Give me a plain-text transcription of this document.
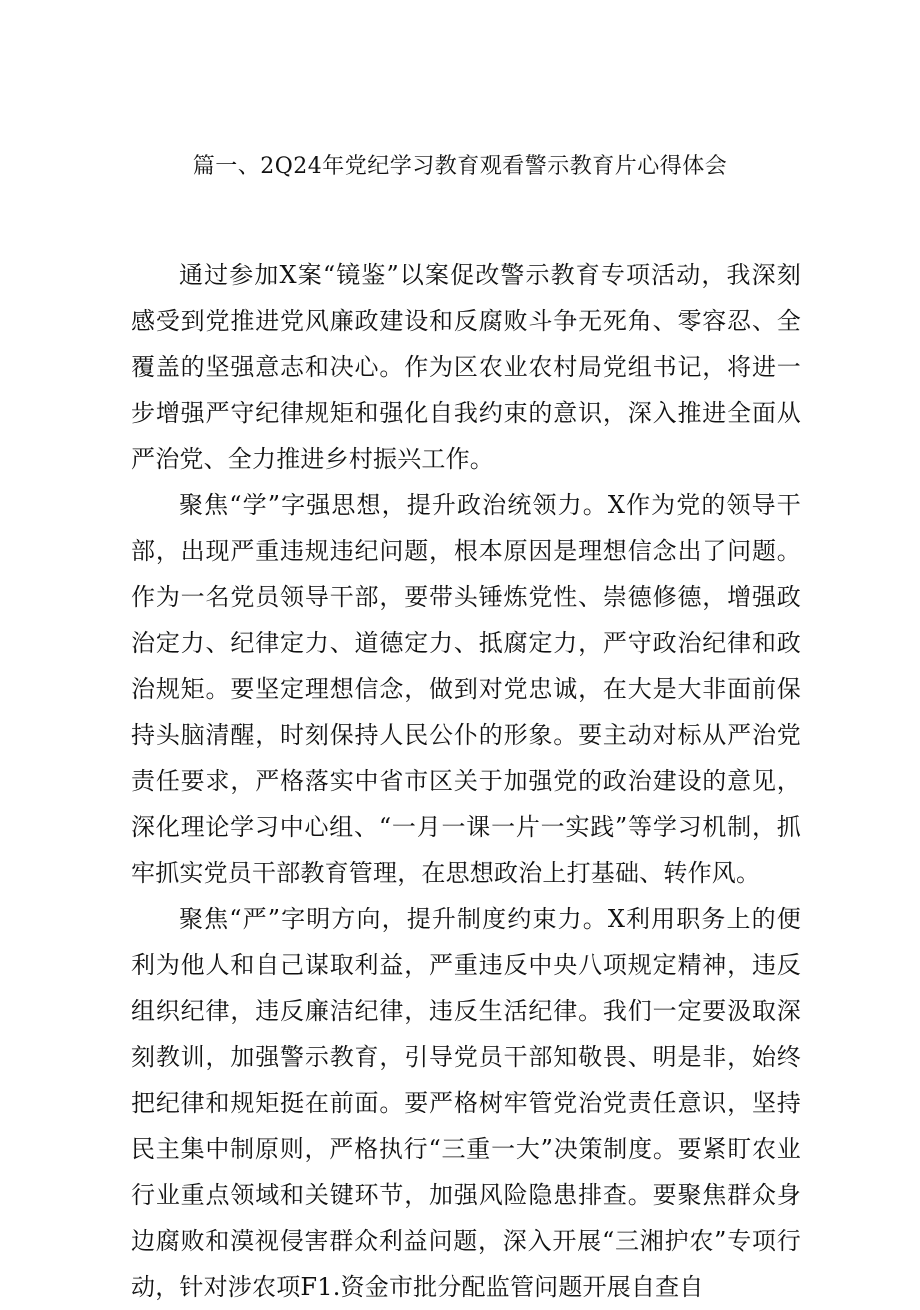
篇一、2Q24年党纪学习教育观看警示教育片心得体会

通过参加X案“镜鉴”以案促改警示教育专项活动，我深刻感受到党推进党风廉政建设和反腐败斗争无死角、零容忍、全覆盖的坚强意志和决心。作为区农业农村局党组书记，将进一步增强严守纪律规矩和强化自我约束的意识，深入推进全面从严治党、全力推进乡村振兴工作。

聚焦“学”字强思想，提升政治统领力。X作为党的领导干部，出现严重违规违纪问题，根本原因是理想信念出了问题。作为一名党员领导干部，要带头锤炼党性、崇德修德，增强政治定力、纪律定力、道德定力、抵腐定力，严守政治纪律和政治规矩。要坚定理想信念，做到对党忠诚，在大是大非面前保持头脑清醒，时刻保持人民公仆的形象。要主动对标从严治党责任要求，严格落实中省市区关于加强党的政治建设的意见，深化理论学习中心组、“一月一课一片一实践”等学习机制，抓牢抓实党员干部教育管理，在思想政治上打基础、转作风。

聚焦“严”字明方向，提升制度约束力。X利用职务上的便利为他人和自己谋取利益，严重违反中央八项规定精神，违反组织纪律，违反廉洁纪律，违反生活纪律。我们一定要汲取深刻教训，加强警示教育，引导党员干部知敬畏、明是非，始终把纪律和规矩挺在前面。要严格树牢管党治党责任意识，坚持民主集中制原则，严格执行“三重一大”决策制度。要紧盯农业行业重点领域和关键环节，加强风险隐患排查。要聚焦群众身边腐败和漠视侵害群众利益问题，深入开展“三湘护农”专项行动，针对涉农项F1.资金市批分配监管问题开展自查自
